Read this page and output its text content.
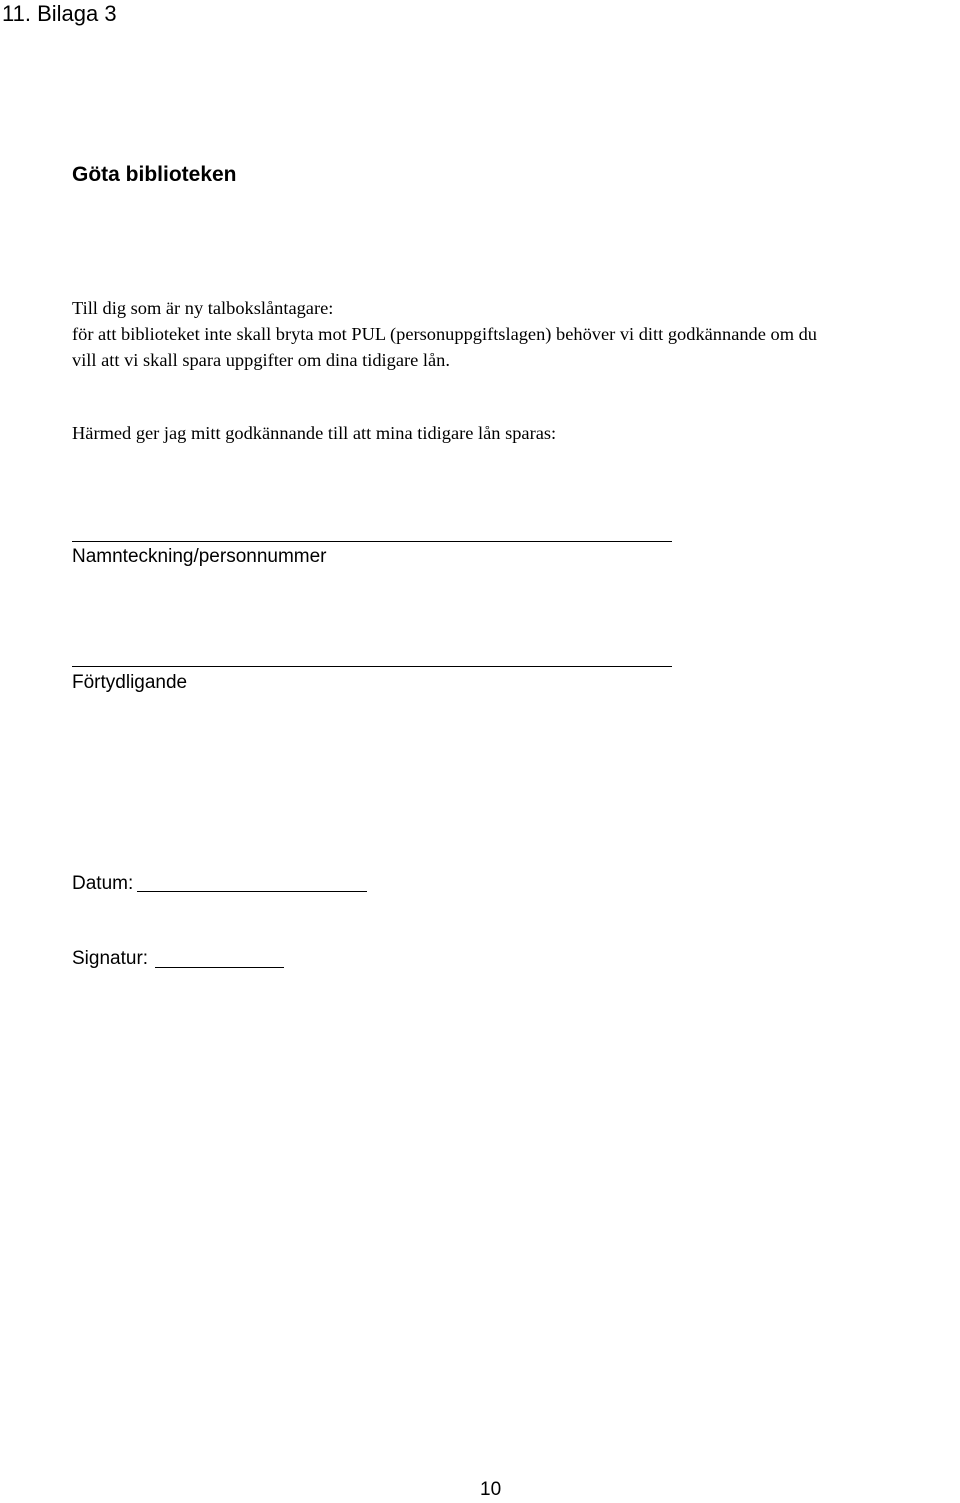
11. Bilaga 3
Göta biblioteken
Till dig som är ny talbokslåntagare:
för att biblioteket inte skall bryta mot PUL (personuppgiftslagen) behöver vi ditt godkännande om du
vill att vi skall spara uppgifter om dina tidigare lån.
Härmed ger jag mitt godkännande till att mina tidigare lån sparas:
Namnteckning/personnummer
Förtydligande
Datum:
Signatur:
10
